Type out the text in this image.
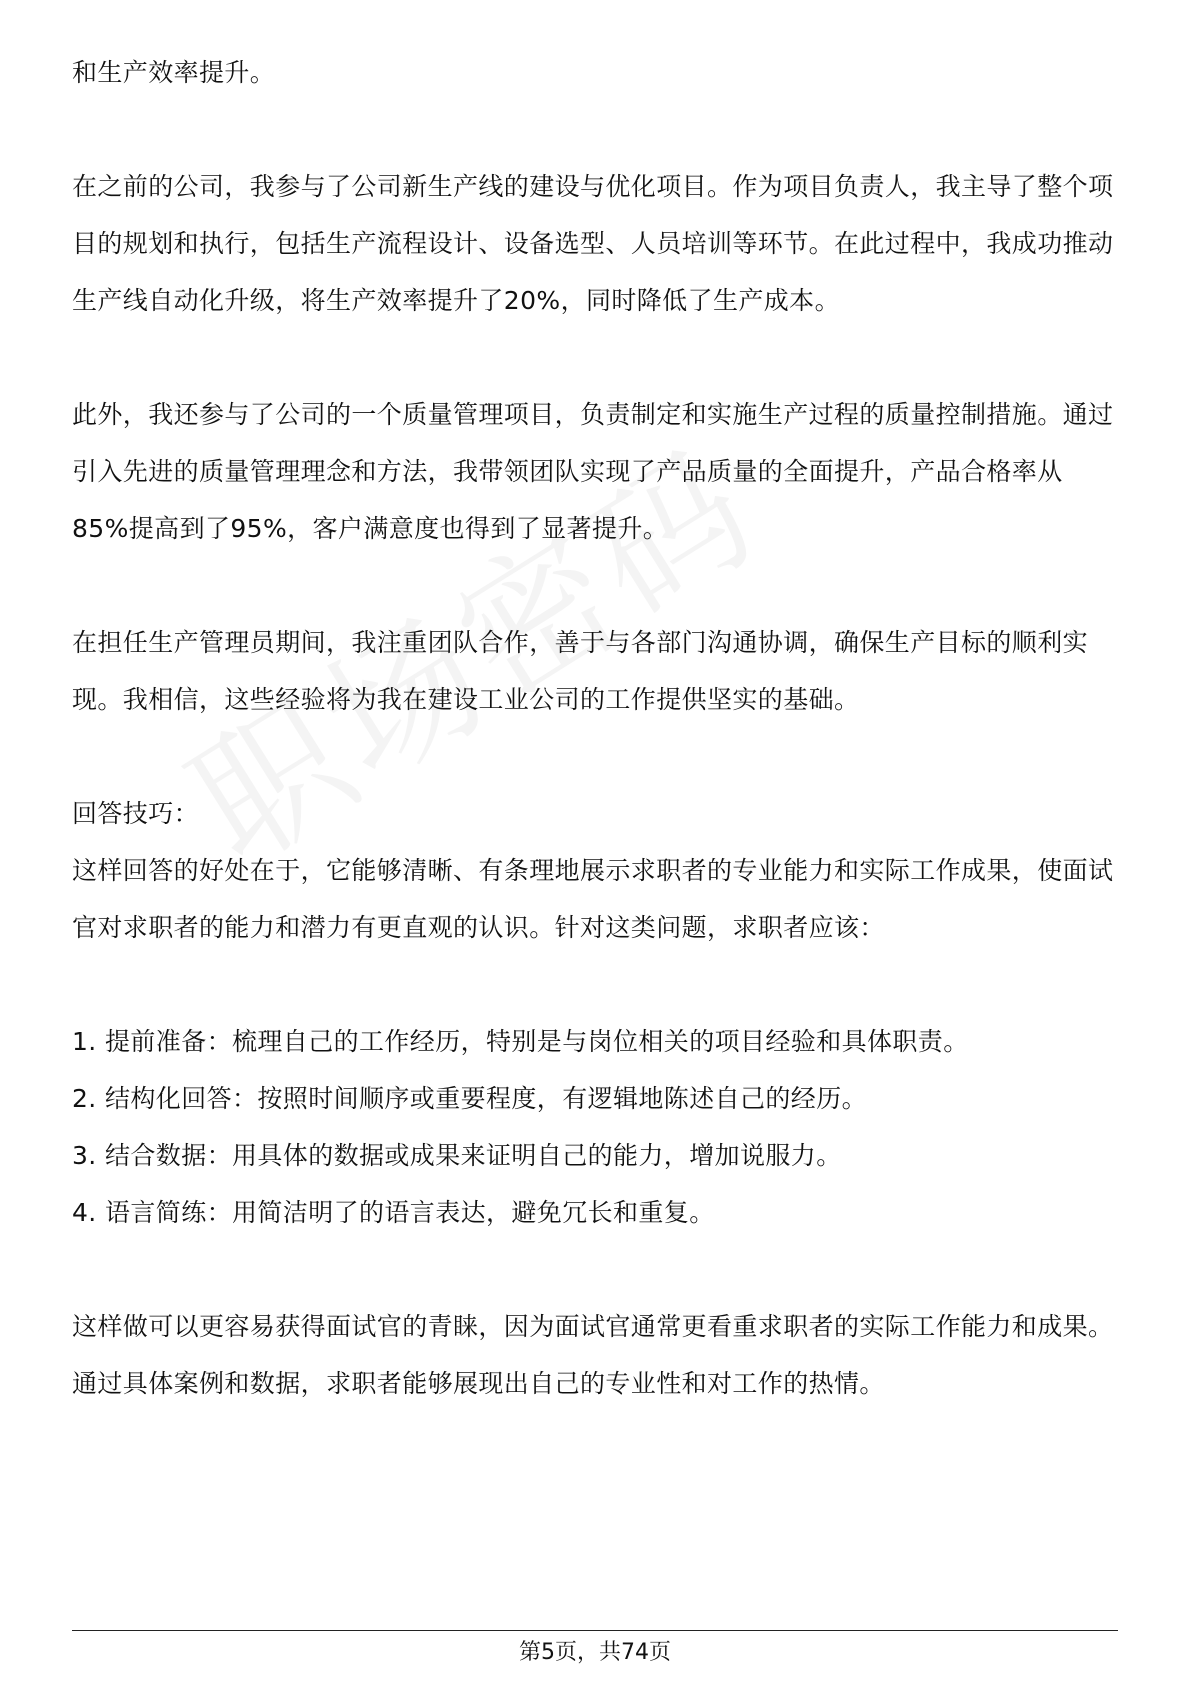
和生产效率提升。

在之前的公司，我参与了公司新生产线的建设与优化项目。作为项目负责人，我主导了整个项目的规划和执行，包括生产流程设计、设备选型、人员培训等环节。在此过程中，我成功推动生产线自动化升级，将生产效率提升了20%，同时降低了生产成本。

此外，我还参与了公司的一个质量管理项目，负责制定和实施生产过程的质量控制措施。通过引入先进的质量管理理念和方法，我带领团队实现了产品质量的全面提升，产品合格率从85%提高到了95%，客户满意度也得到了显著提升。

在担任生产管理员期间，我注重团队合作，善于与各部门沟通协调，确保生产目标的顺利实现。我相信，这些经验将为我在建设工业公司的工作提供坚实的基础。

回答技巧：

这样回答的好处在于，它能够清晰、有条理地展示求职者的专业能力和实际工作成果，使面试官对求职者的能力和潜力有更直观的认识。针对这类问题，求职者应该：

1. 提前准备：梳理自己的工作经历，特别是与岗位相关的项目经验和具体职责。

2. 结构化回答：按照时间顺序或重要程度，有逻辑地陈述自己的经历。

3. 结合数据：用具体的数据或成果来证明自己的能力，增加说服力。

4. 语言简练：用简洁明了的语言表达，避免冗长和重复。

这样做可以更容易获得面试官的青睐，因为面试官通常更看重求职者的实际工作能力和成果。通过具体案例和数据，求职者能够展现出自己的专业性和对工作的热情。

第5页，共74页
